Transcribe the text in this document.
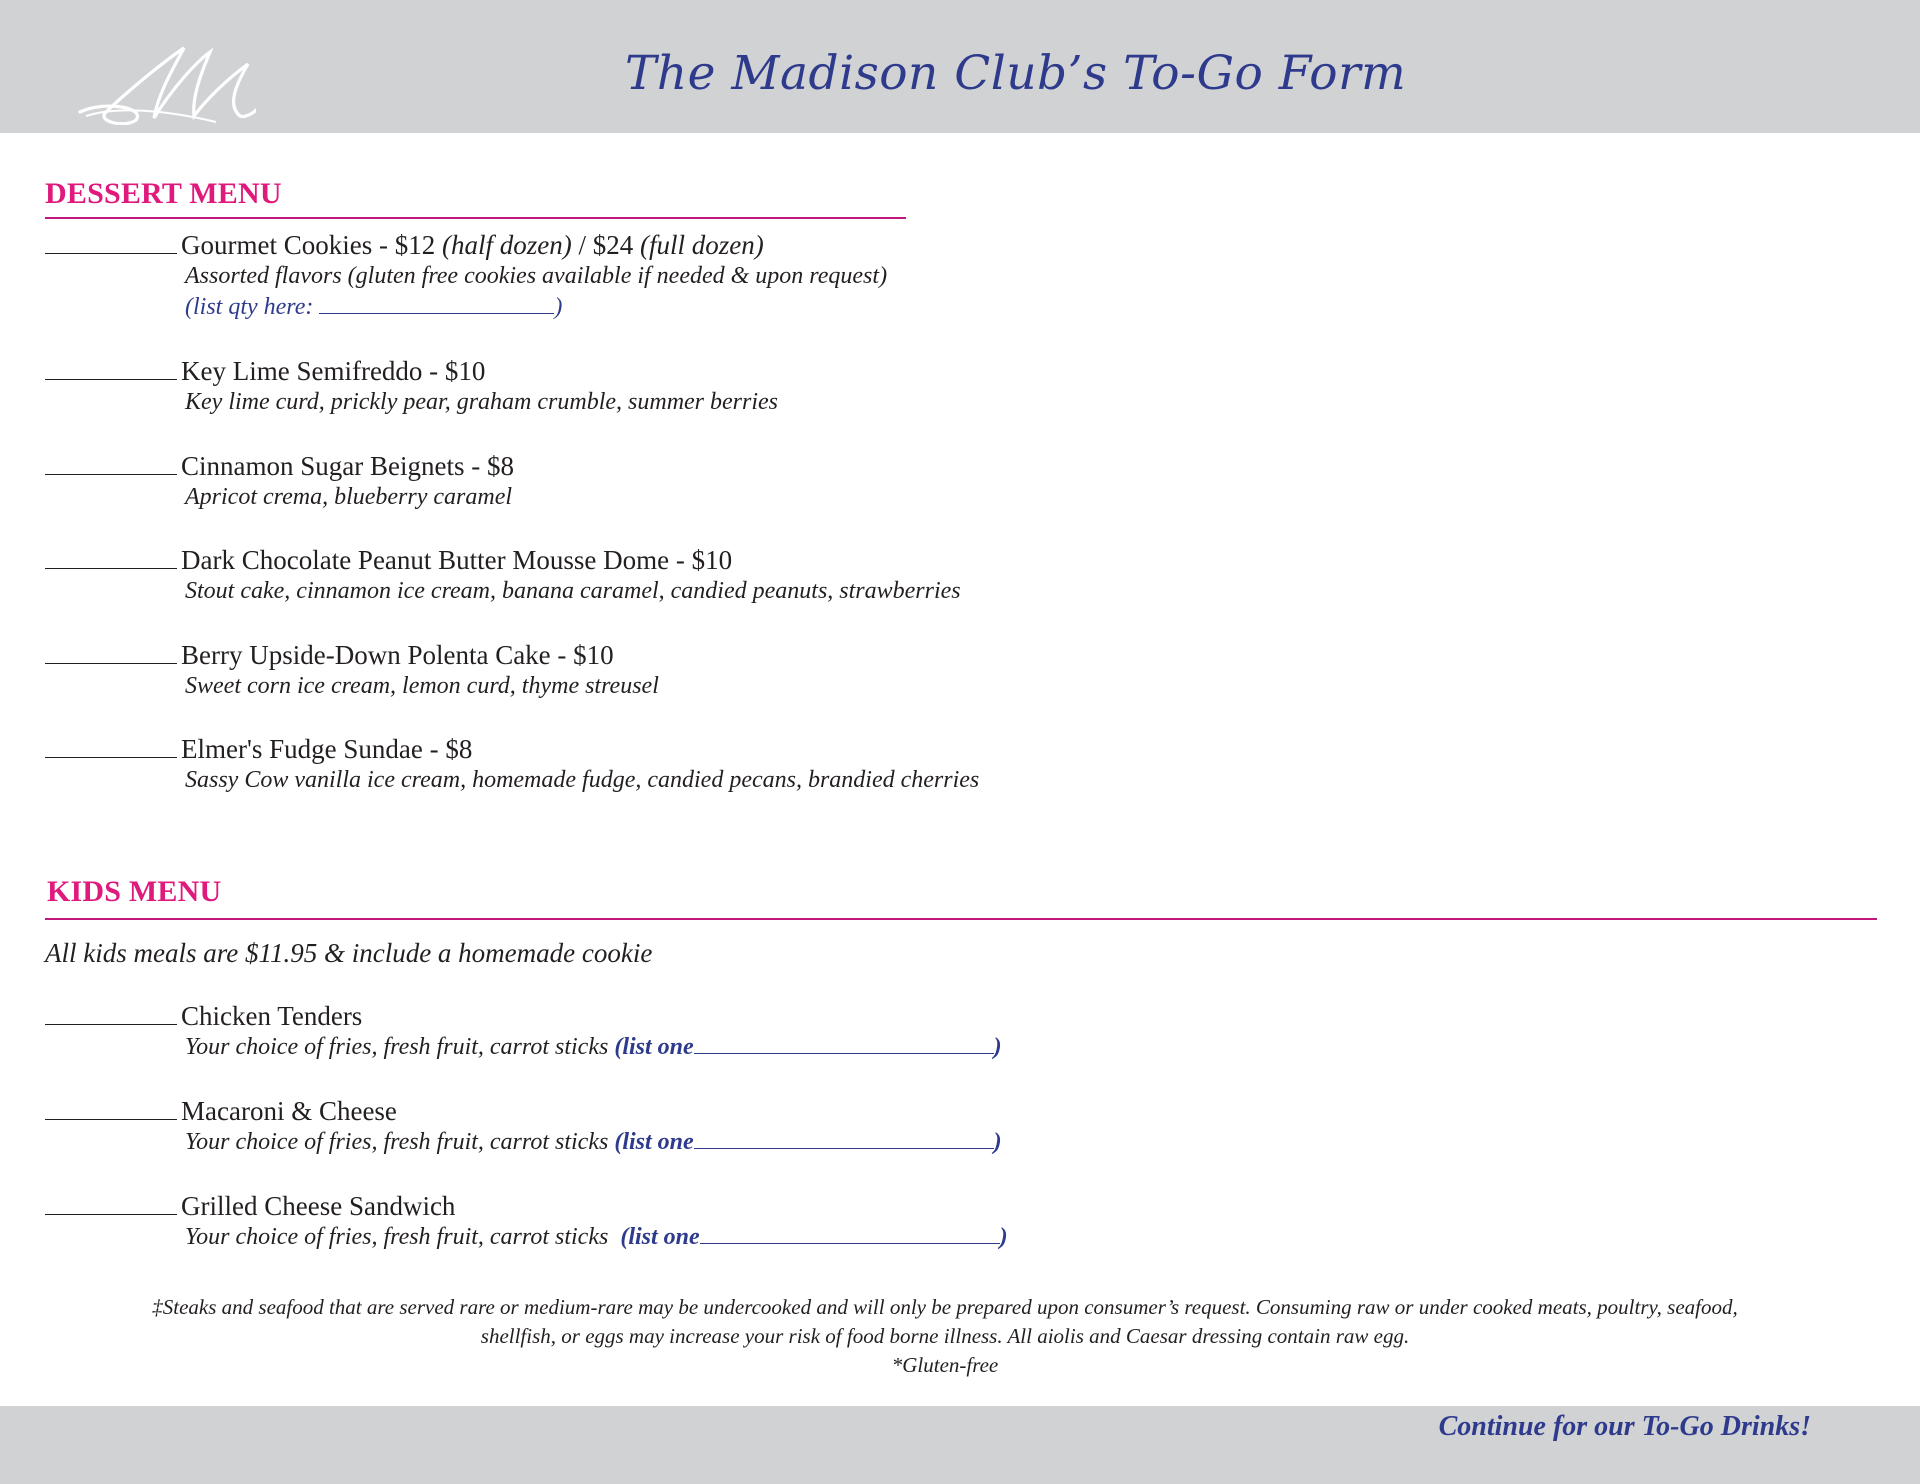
The Madison Club’s To-Go Form
DESSERT MENU
Gourmet Cookies - $12 (half dozen) / $24 (full dozen)
Assorted flavors (gluten free cookies available if needed & upon request)
(list qty here:	)
Key Lime Semifreddo - $10
Key lime curd, prickly pear, graham crumble, summer berries
Cinnamon Sugar Beignets - $8
Apricot crema, blueberry caramel
Dark Chocolate Peanut Butter Mousse Dome - $10
Stout cake, cinnamon ice cream, banana caramel, candied peanuts, strawberries
Berry Upside-Down Polenta Cake - $10
Sweet corn ice cream, lemon curd, thyme streusel
Elmer's Fudge Sundae - $8
Sassy Cow vanilla ice cream, homemade fudge, candied pecans, brandied cherries
KIDS MENU
All kids meals are $11.95 & include a homemade cookie
Chicken Tenders
Your choice of fries, fresh fruit, carrot sticks (list one	)
Macaroni & Cheese
Your choice of fries, fresh fruit, carrot sticks (list one	)
Grilled Cheese Sandwich
Your choice of fries, fresh fruit, carrot sticks  (list one	)
‡Steaks and seafood that are served rare or medium-rare may be undercooked and will only be prepared upon consumer’s request. Consuming raw or under cooked meats, poultry, seafood,
shellfish, or eggs may increase your risk of food borne illness. All aiolis and Caesar dressing contain raw egg.
*Gluten-free
Continue for our To-Go Drinks!
